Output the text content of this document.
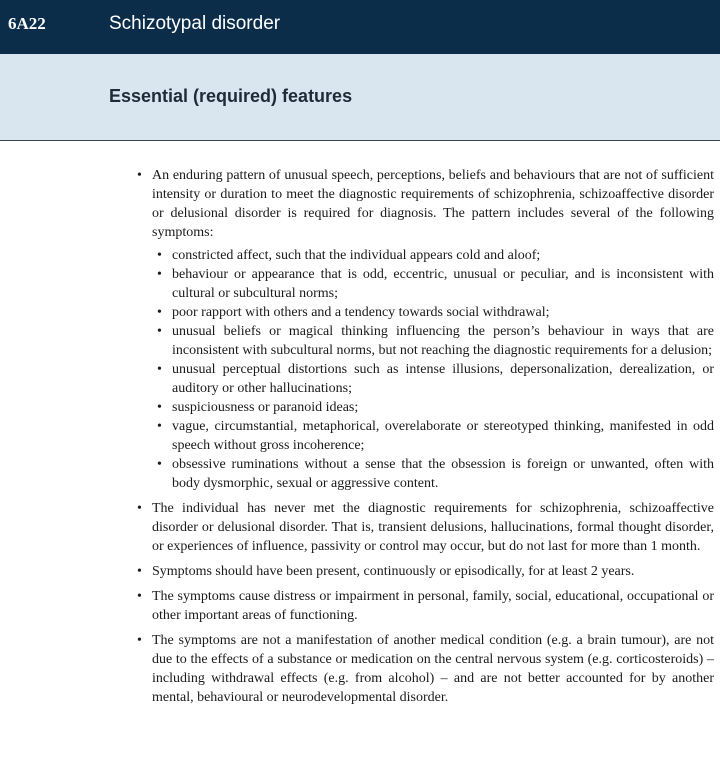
6A22	Schizotypal disorder
Essential (required) features
• An enduring pattern of unusual speech, perceptions, beliefs and behaviours that are not of sufficient intensity or duration to meet the diagnostic requirements of schizophrenia, schizoaffective disorder or delusional disorder is required for diagnosis. The pattern includes several of the following symptoms:
• constricted affect, such that the individual appears cold and aloof;
• behaviour or appearance that is odd, eccentric, unusual or peculiar, and is inconsistent with cultural or subcultural norms;
• poor rapport with others and a tendency towards social withdrawal;
• unusual beliefs or magical thinking influencing the person’s behaviour in ways that are inconsistent with subcultural norms, but not reaching the diagnostic requirements for a delusion;
• unusual perceptual distortions such as intense illusions, depersonalization, derealization, or auditory or other hallucinations;
• suspiciousness or paranoid ideas;
• vague, circumstantial, metaphorical, overelaborate or stereotyped thinking, manifested in odd speech without gross incoherence;
• obsessive ruminations without a sense that the obsession is foreign or unwanted, often with body dysmorphic, sexual or aggressive content.
• The individual has never met the diagnostic requirements for schizophrenia, schizoaffective disorder or delusional disorder. That is, transient delusions, hallucinations, formal thought disorder, or experiences of influence, passivity or control may occur, but do not last for more than 1 month.
• Symptoms should have been present, continuously or episodically, for at least 2 years.
• The symptoms cause distress or impairment in personal, family, social, educational, occupational or other important areas of functioning.
• The symptoms are not a manifestation of another medical condition (e.g. a brain tumour), are not due to the effects of a substance or medication on the central nervous system (e.g. corticosteroids) – including withdrawal effects (e.g. from alcohol) – and are not better accounted for by another mental, behavioural or neurodevelopmental disorder.
